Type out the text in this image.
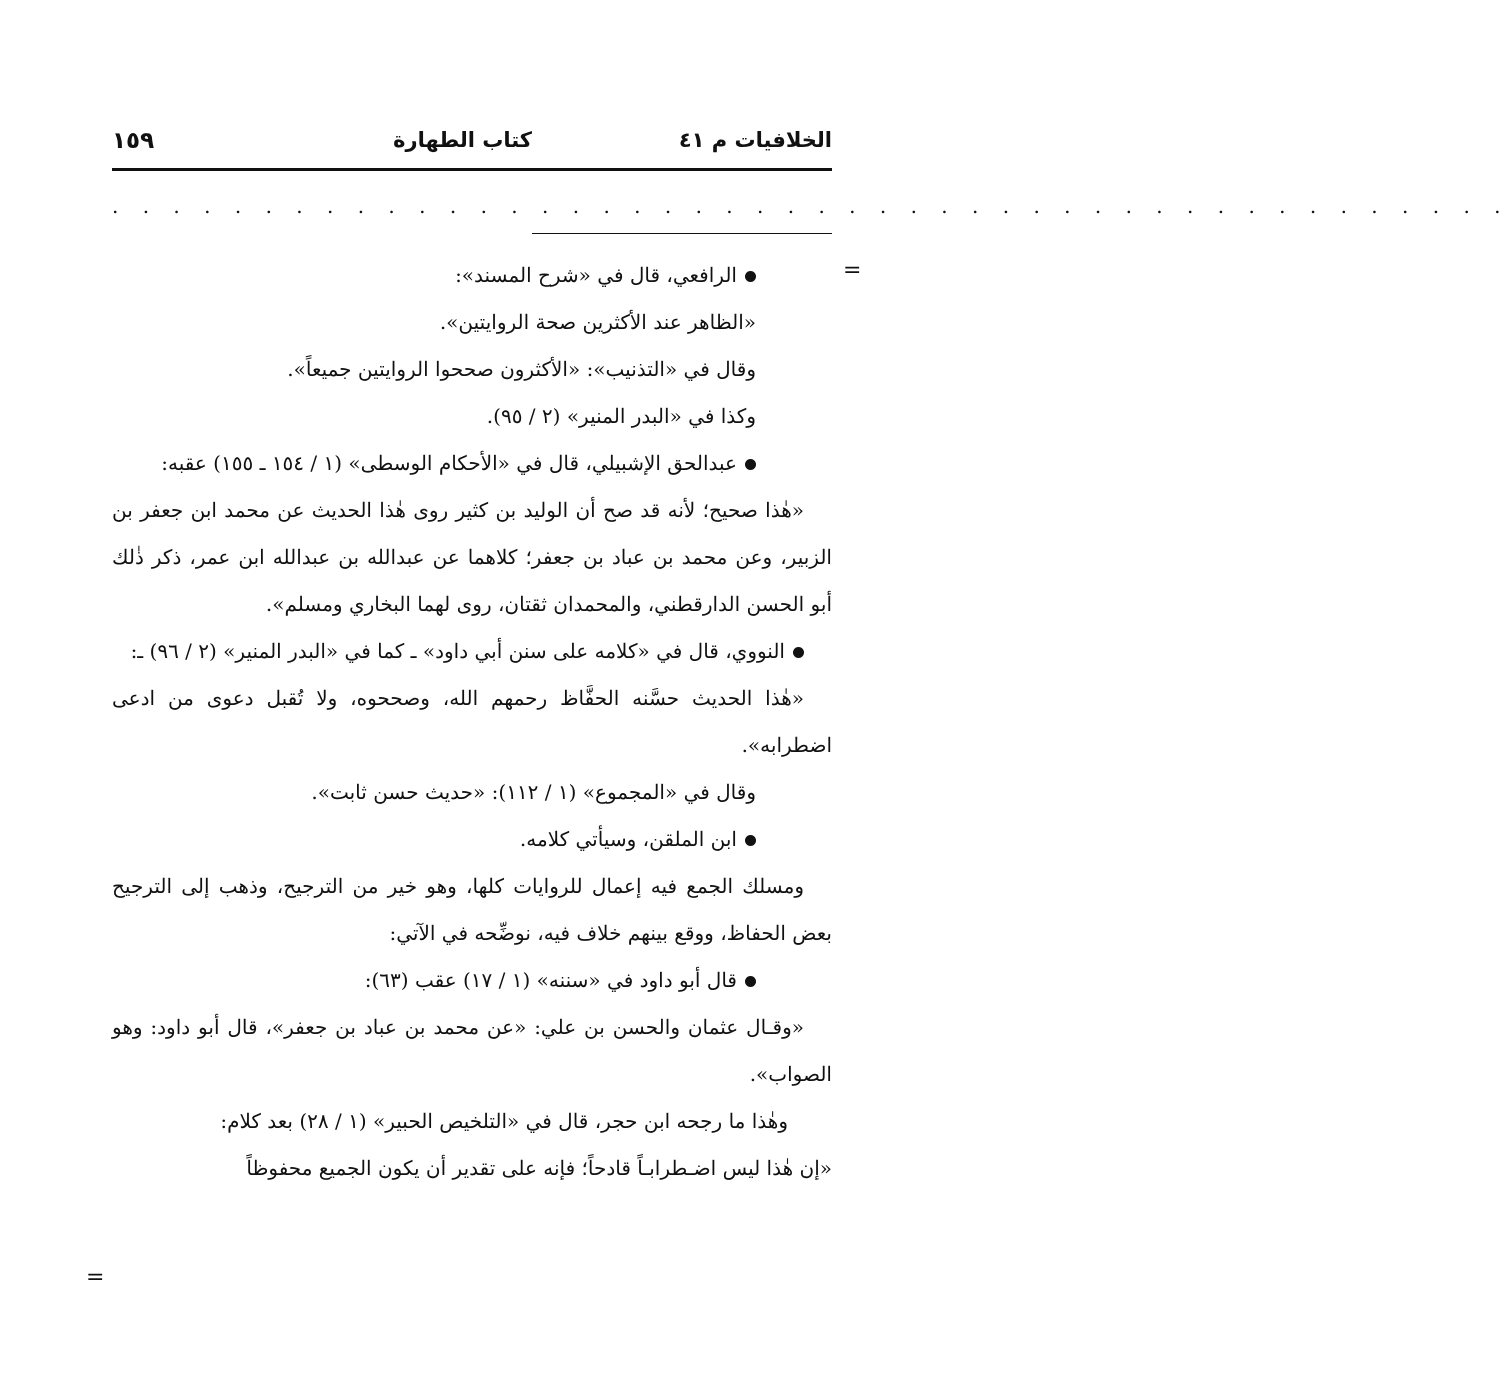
الخلافيات م ٤١
كتاب الطهارة
١٥٩
. . . . . . . . . . . . . . . . . . . . . . . . . . . . . . . . . . . . . . . . . . . . . .
=
=

الرافعي، قال في «شرح المسند»:

«الظاهر عند الأكثرين صحة الروايتين».

وقال في «التذنيب»: «الأكثرون صححوا الروايتين جميعاً».

وكذا في «البدر المنير» (٢ / ٩٥).

عبدالحق الإشبيلي، قال في «الأحكام الوسطى» (١ / ١٥٤ ـ ١٥٥) عقبه:

«هٰذا صحيح؛ لأنه قد صح أن الوليد بن كثير روى هٰذا الحديث عن محمد ابن جعفر بن الزبير، وعن محمد بن عباد بن جعفر؛ كلاهما عن عبدالله بن عبدالله ابن عمر، ذكر ذٰلك أبو الحسن الدارقطني، والمحمدان ثقتان، روى لهما البخاري ومسلم».

النووي، قال في «كلامه على سنن أبي داود» ـ كما في «البدر المنير» (٢ / ٩٦) ـ:

«هٰذا الحديث حسَّنه الحفَّاظ رحمهم الله، وصححوه، ولا تُقبل دعوى من ادعى اضطرابه».

وقال في «المجموع» (١ / ١١٢): «حديث حسن ثابت».

ابن الملقن، وسيأتي كلامه.

ومسلك الجمع فيه إعمال للروايات كلها، وهو خير من الترجيح، وذهب إلى الترجيح بعض الحفاظ، ووقع بينهم خلاف فيه، نوضِّحه في الآتي:

قال أبو داود في «سننه» (١ / ١٧) عقب (٦٣):

«وقـال عثمان والحسن بن علي: «عن محمد بن عباد بن جعفر»، قال أبو داود: وهو الصواب».

وهٰذا ما رجحه ابن حجر، قال في «التلخيص الحبير» (١ / ٢٨) بعد كلام:

«إن هٰذا ليس اضـطرابـاً قادحاً؛ فإنه على تقدير أن يكون الجميع محفوظاً
